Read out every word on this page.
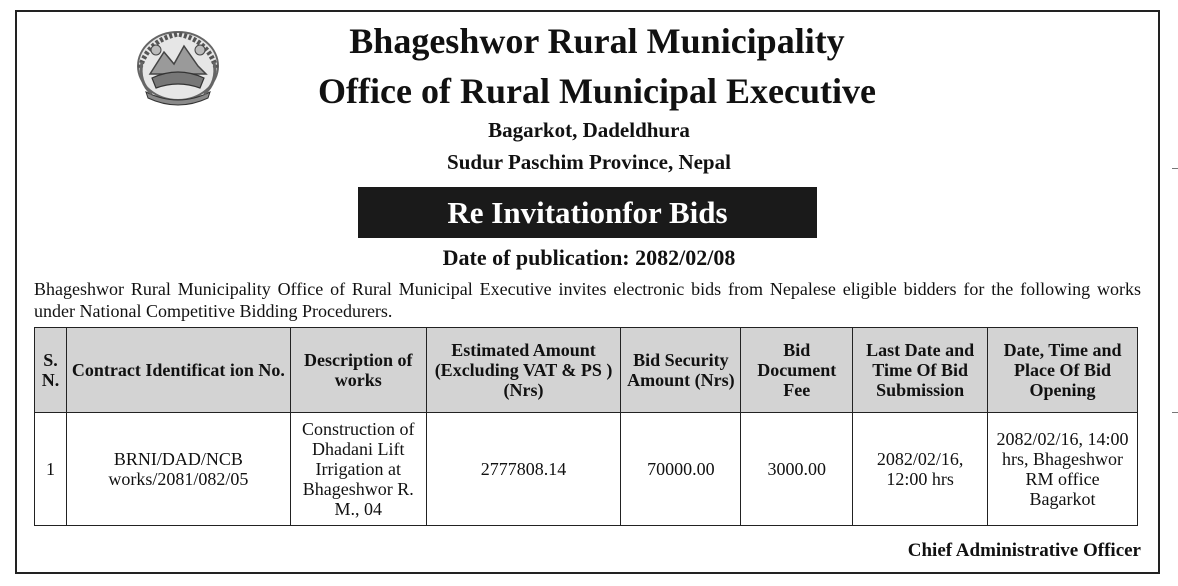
Bhageshwor Rural Municipality
Office of Rural Municipal Executive
Bagarkot, Dadeldhura
Sudur Paschim Province, Nepal
Re Invitationfor Bids
Date of publication: 2082/02/08
Bhageshwor Rural Municipality Office of Rural Municipal Executive invites electronic bids from Nepalese eligible bidders for the following works under National Competitive Bidding Procedurers.
S. N.	Contract Identificat ion No.	Description of works	Estimated Amount (Excluding VAT & PS ) (Nrs)	Bid Security Amount (Nrs)	Bid Document Fee	Last Date and Time Of Bid Submission	Date, Time and Place Of Bid Opening
1	BRNI/DAD/NCB works/2081/082/05	Construction of Dhadani Lift Irrigation at Bhageshwor R. M., 04	2777808.14	70000.00	3000.00	2082/02/16, 12:00 hrs	2082/02/16, 14:00 hrs, Bhageshwor RM office Bagarkot
Chief Administrative Officer
